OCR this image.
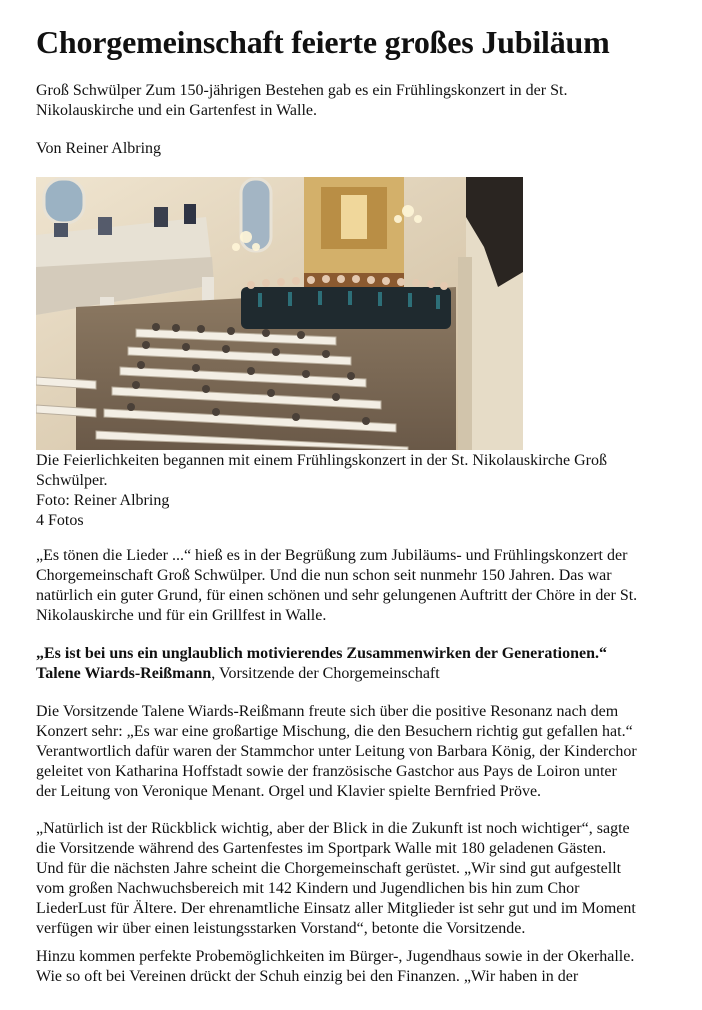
Chorgemeinschaft feierte großes Jubiläum
Groß Schwülper Zum 150-jährigen Bestehen gab es ein Frühlingskonzert in der St.
Nikolauskirche und ein Gartenfest in Walle.
Von Reiner Albring
Die Feierlichkeiten begannen mit einem Frühlingskonzert in der St. Nikolauskirche Groß
Schwülper.
Foto: Reiner Albring
4 Fotos
„Es tönen die Lieder ...“ hieß es in der Begrüßung zum Jubiläums- und Frühlingskonzert der
Chorgemeinschaft Groß Schwülper. Und die nun schon seit nunmehr 150 Jahren. Das war
natürlich ein guter Grund, für einen schönen und sehr gelungenen Auftritt der Chöre in der St.
Nikolauskirche und für ein Grillfest in Walle.
„Es ist bei uns ein unglaublich motivierendes Zusammenwirken der Generationen.“
Talene Wiards-Reißmann, Vorsitzende der Chorgemeinschaft
Die Vorsitzende Talene Wiards-Reißmann freute sich über die positive Resonanz nach dem
Konzert sehr: „Es war eine großartige Mischung, die den Besuchern richtig gut gefallen hat.“
Verantwortlich dafür waren der Stammchor unter Leitung von Barbara König, der Kinderchor
geleitet von Katharina Hoffstadt sowie der französische Gastchor aus Pays de Loiron unter
der Leitung von Veronique Menant. Orgel und Klavier spielte Bernfried Pröve.
„Natürlich ist der Rückblick wichtig, aber der Blick in die Zukunft ist noch wichtiger“, sagte
die Vorsitzende während des Gartenfestes im Sportpark Walle mit 180 geladenen Gästen.
Und für die nächsten Jahre scheint die Chorgemeinschaft gerüstet. „Wir sind gut aufgestellt
vom großen Nachwuchsbereich mit 142 Kindern und Jugendlichen bis hin zum Chor
LiederLust für Ältere. Der ehrenamtliche Einsatz aller Mitglieder ist sehr gut und im Moment
verfügen wir über einen leistungsstarken Vorstand“, betonte die Vorsitzende.
Hinzu kommen perfekte Probemöglichkeiten im Bürger-, Jugendhaus sowie in der Okerhalle.
Wie so oft bei Vereinen drückt der Schuh einzig bei den Finanzen. „Wir haben in der
